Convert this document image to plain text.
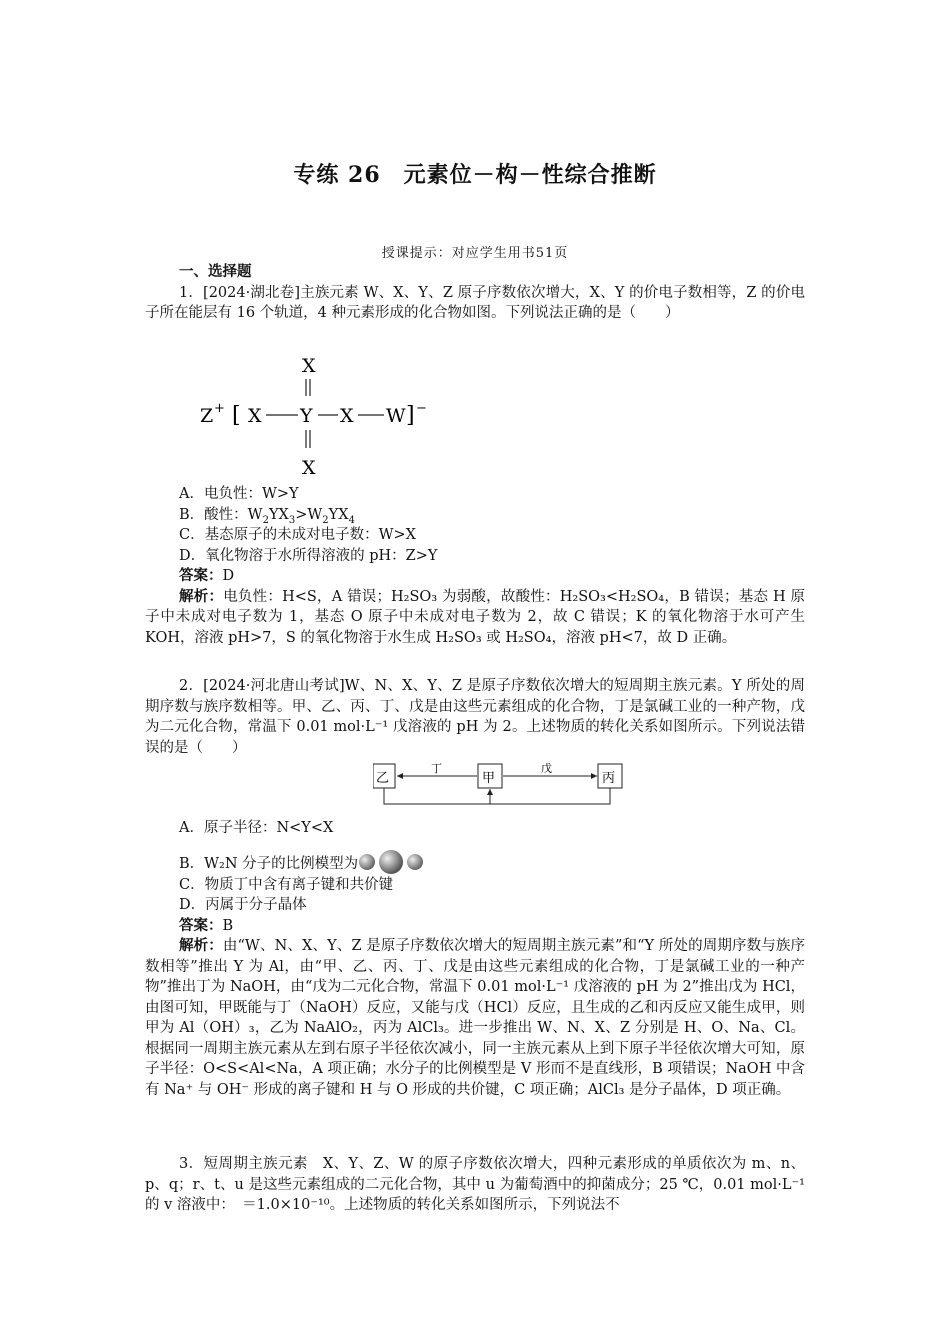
专练 26　元素位－构－性综合推断
授课提示：对应学生用书51页

一、选择题

1．[2024·湖北卷]主族元素 W、X、Y、Z 原子序数依次增大，X、Y 的价电子数相等，Z 的价电子所在能层有 16 个轨道，4 种元素形成的化合物如图。下列说法正确的是（　　）

X
Z + [ X Y X W ] −
X

A．电负性：W>Y

B．酸性：$W_2YX_3>W_2YX_4$

C．基态原子的未成对电子数：W>X

D．氧化物溶于水所得溶液的 pH：Z>Y

答案：D

解析：电负性：H<S，A 错误；H₂SO₃ 为弱酸，故酸性：H₂SO₃<H₂SO₄，B 错误；基态 H 原子中未成对电子数为 1，基态 O 原子中未成对电子数为 2，故 C 错误；K 的氧化物溶于水可产生 KOH，溶液 pH>7，S 的氧化物溶于水生成 H₂SO₃ 或 H₂SO₄，溶液 pH<7，故 D 正确。

2．[2024·河北唐山考试]W、N、X、Y、Z 是原子序数依次增大的短周期主族元素。Y 所处的周期序数与族序数相等。甲、乙、丙、丁、戊是由这些元素组成的化合物，丁是氯碱工业的一种产物，戊为二元化合物，常温下 0.01 mol·L⁻¹ 戊溶液的 pH 为 2。上述物质的转化关系如图所示。下列说法错误的是（　　）

乙	甲	丙
丁	戊

A．原子半径：N<Y<X

B．W₂N 分子的比例模型为

C．物质丁中含有离子键和共价键

D．丙属于分子晶体

答案：B

解析：由“W、N、X、Y、Z 是原子序数依次增大的短周期主族元素”和“Y 所处的周期序数与族序数相等”推出 Y 为 Al，由“甲、乙、丙、丁、戊是由这些元素组成的化合物，丁是氯碱工业的一种产物”推出丁为 NaOH，由“戊为二元化合物，常温下 0.01 mol·L⁻¹ 戊溶液的 pH 为 2”推出戊为 HCl，由图可知，甲既能与丁（NaOH）反应，又能与戊（HCl）反应，且生成的乙和丙反应又能生成甲，则甲为 Al（OH）₃，乙为 NaAlO₂，丙为 AlCl₃。进一步推出 W、N、X、Z 分别是 H、O、Na、Cl。根据同一周期主族元素从左到右原子半径依次减小，同一主族元素从上到下原子半径依次增大可知，原子半径：O<S<Al<Na，A 项正确；水分子的比例模型是 V 形而不是直线形，B 项错误；NaOH 中含有 Na⁺ 与 OH⁻ 形成的离子键和 H 与 O 形成的共价键，C 项正确；AlCl₃ 是分子晶体，D 项正确。

3．短周期主族元素　X、Y、Z、W 的原子序数依次增大，四种元素形成的单质依次为 m、n、p、q；r、t、u 是这些元素组成的二元化合物，其中 u 为葡萄酒中的抑菌成分；25 ℃，0.01 mol·L⁻¹ 的 v 溶液中：　＝1.0×10⁻¹⁰。上述物质的转化关系如图所示，下列说法不
